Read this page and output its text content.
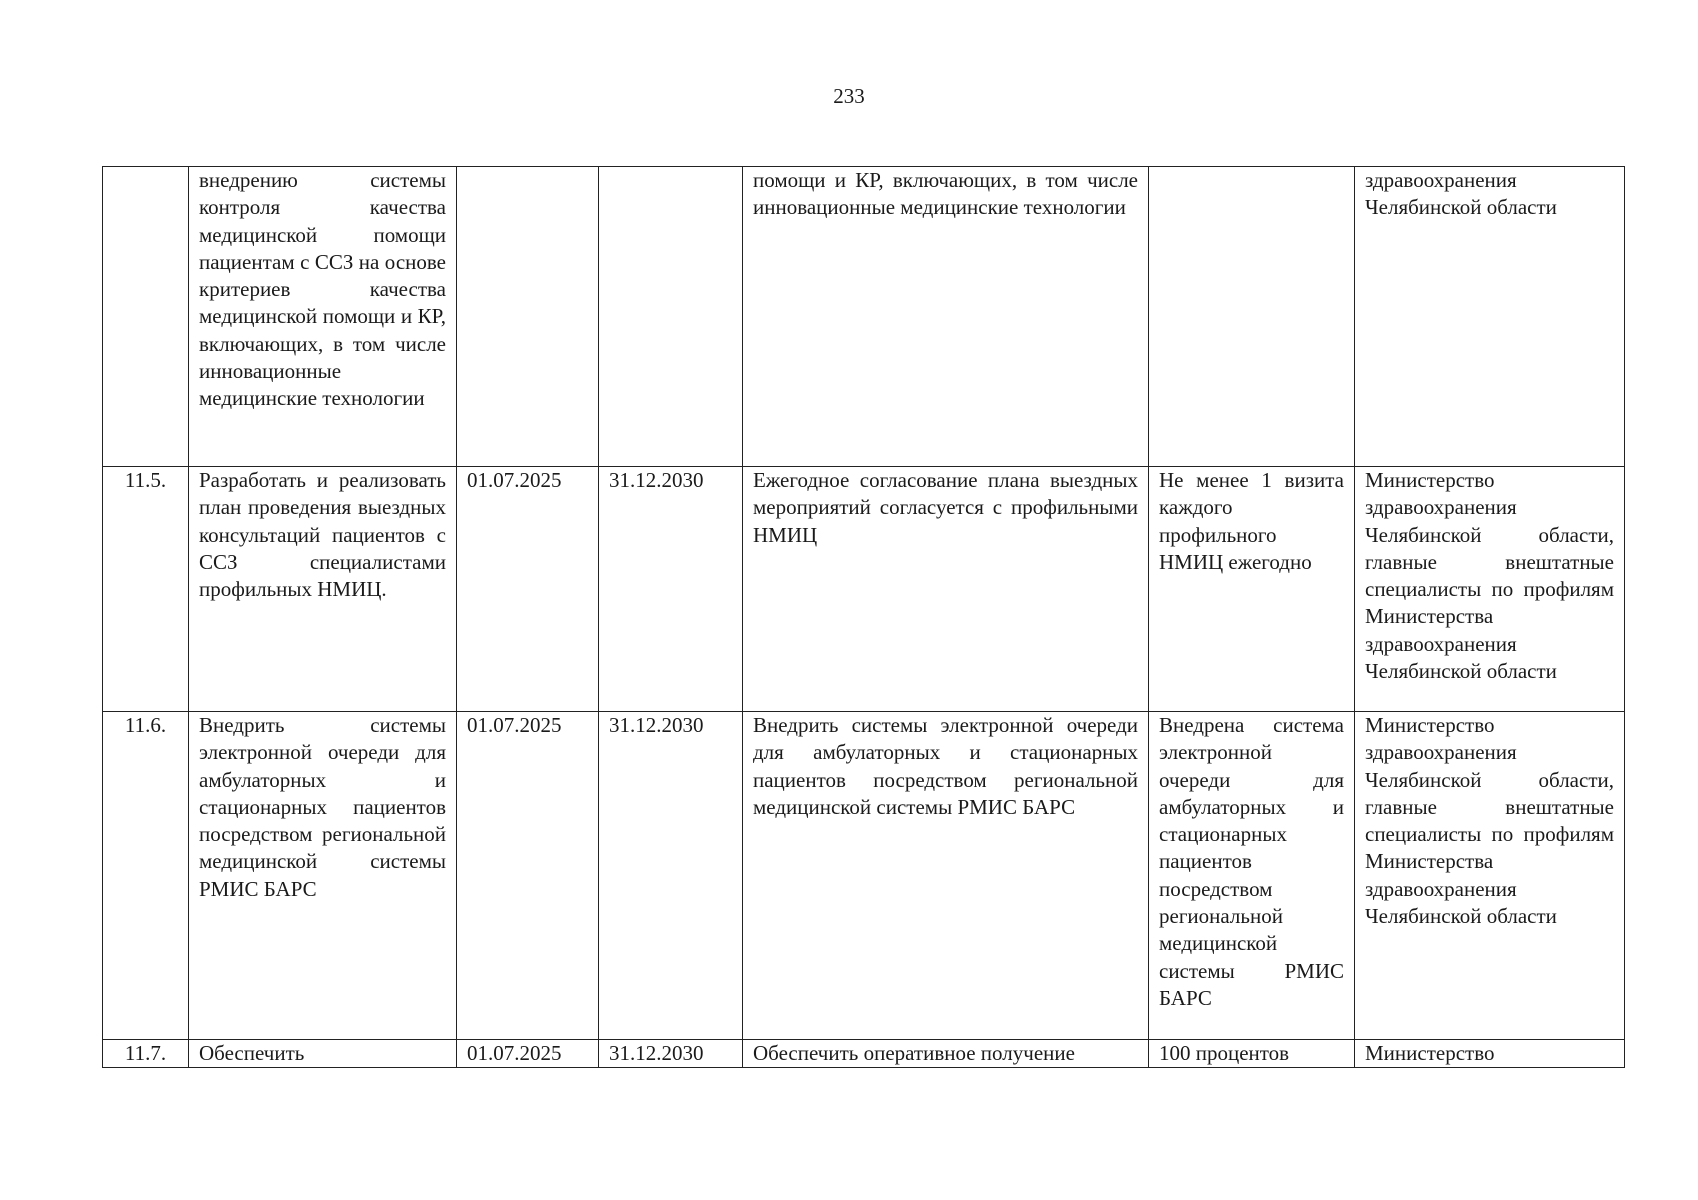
233
	внедрению системы контроля качества медицинской помощи пациентам с ССЗ на основе критериев качества медицинской помощи и КР, включающих, в том числе инновационные медицинские технологии			помощи и КР, включающих, в том числе инновационные медицинские технологии		здравоохранения Челябинской области
11.5.	Разработать и реализовать план проведения выездных консультаций пациентов с ССЗ специалистами профильных НМИЦ.	01.07.2025	31.12.2030	Ежегодное согласование плана выездных мероприятий согласуется с профильными НМИЦ	Не менее 1 визита каждого профильного НМИЦ ежегодно	Министерство здравоохранения Челябинской области, главные внештатные специалисты по профилям Министерства здравоохранения Челябинской области
11.6.	Внедрить системы электронной очереди для амбулаторных и стационарных пациентов посредством региональной медицинской системы РМИС БАРС	01.07.2025	31.12.2030	Внедрить системы электронной очереди для амбулаторных и стационарных пациентов посредством региональной медицинской системы РМИС БАРС	Внедрена система электронной очереди для амбулаторных и стационарных пациентов посредством региональной медицинской системы РМИС БАРС	Министерство здравоохранения Челябинской области, главные внештатные специалисты по профилям Министерства здравоохранения Челябинской области
11.7.	Обеспечить	01.07.2025	31.12.2030	Обеспечить оперативное получение	100 процентов	Министерство
